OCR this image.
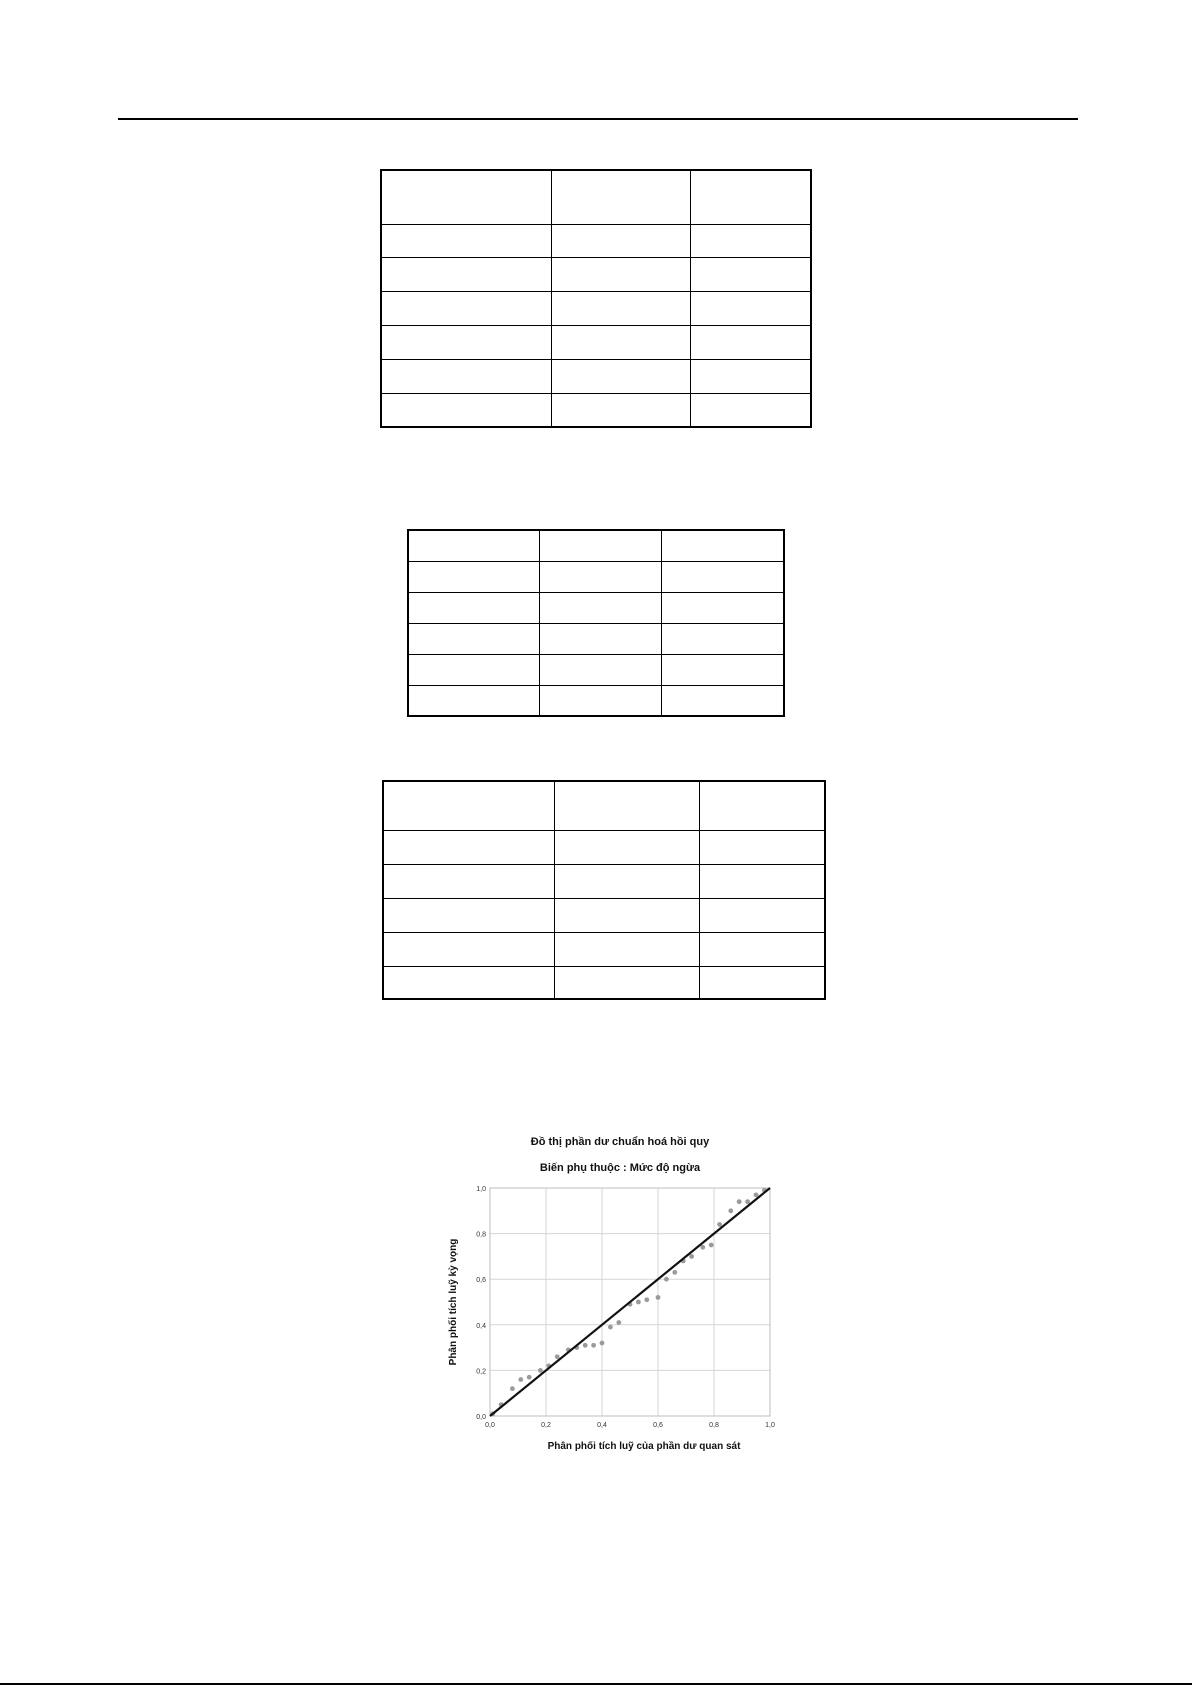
Đồ thị phần dư chuẩn hoá hồi quy
Biến phụ thuộc : Mức độ ngừa
0,0	0,2	0,4	0,6	0,8	1,0
0,0
0,2
0,4
0,6
0,8
1,0
Phân phối tích luỹ của phần dư quan sát
Phân phối tích luỹ kỳ vọng
